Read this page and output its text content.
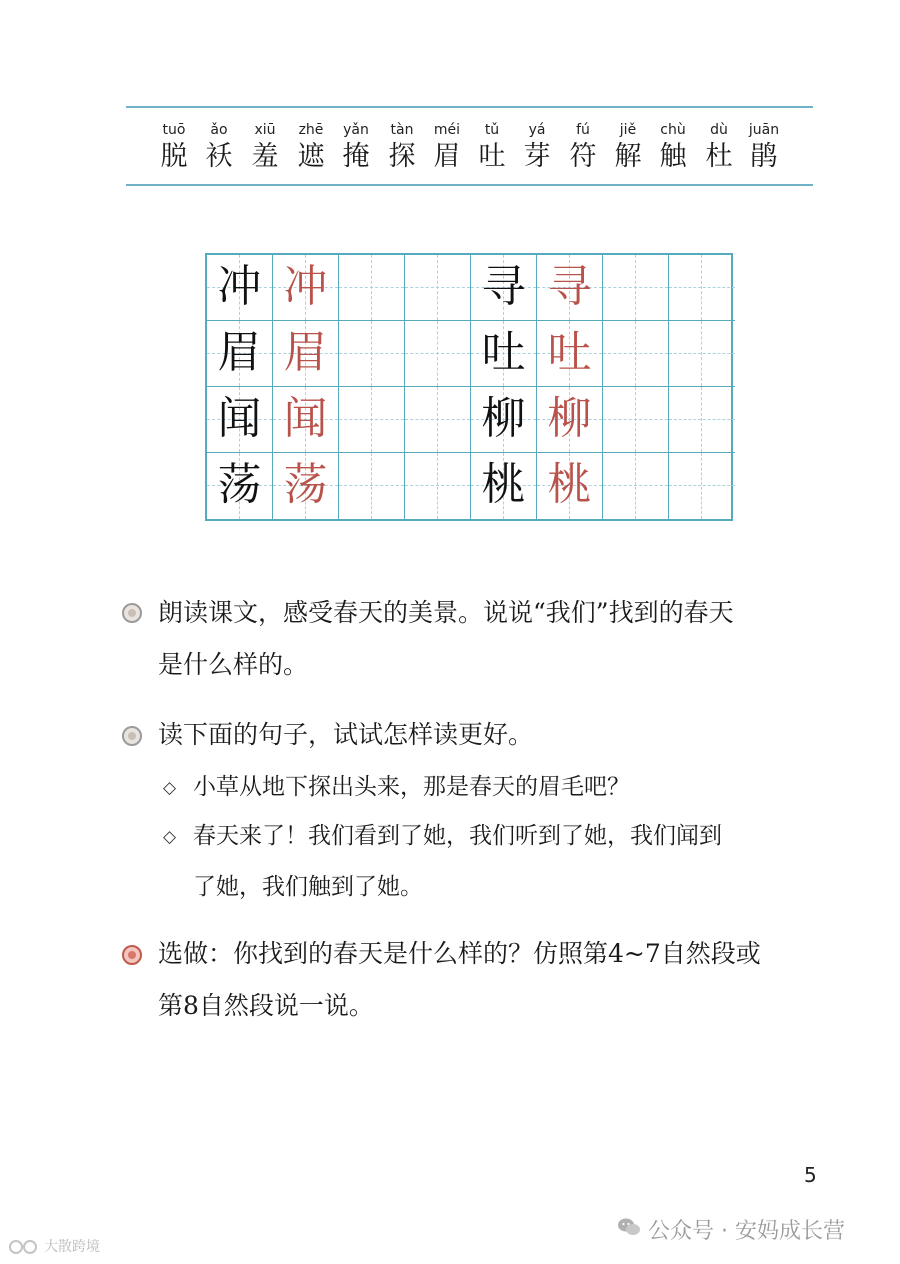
tuō
脱
ǎo
袄
xiū
羞
zhē
遮
yǎn
掩
tàn
探
méi
眉
tǔ
吐
yá
芽
fú
符
jiě
解
chù
触
dù
杜
juān
鹃
冲 冲	寻 寻
眉 眉	吐 吐
闻 闻	柳 柳
荡 荡	桃 桃
朗读课文，感受春天的美景。说说“我们”找到的春天
是什么样的。
读下面的句子，试试怎样读更好。
◇ 小草从地下探出头来，那是春天的眉毛吧？
◇ 春天来了！我们看到了她，我们听到了她，我们闻到
了她，我们触到了她。
选做：你找到的春天是什么样的？仿照第4~7自然段或
第8自然段说一说。
5
公众号 · 安妈成长营
大散跨境
